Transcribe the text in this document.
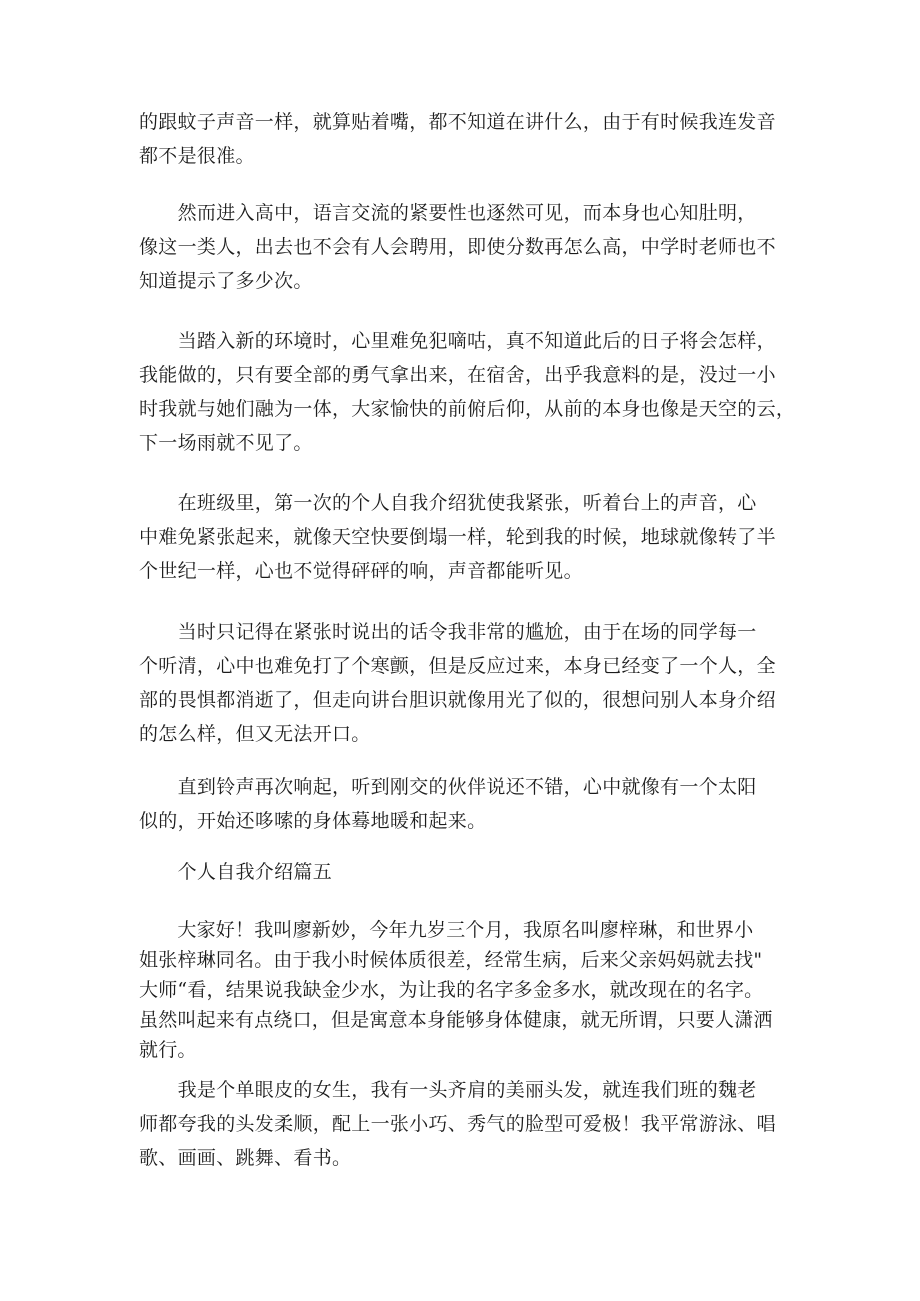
的跟蚊子声音一样，就算贴着嘴，都不知道在讲什么，由于有时候我连发音
都不是很准。

　　然而进入高中，语言交流的紧要性也逐然可见，而本身也心知肚明，
像这一类人，出去也不会有人会聘用，即使分数再怎么高，中学时老师也不
知道提示了多少次。

　　当踏入新的环境时，心里难免犯嘀咕，真不知道此后的日子将会怎样，
我能做的，只有要全部的勇气拿出来，在宿舍，出乎我意料的是，没过一小
时我就与她们融为一体，大家愉快的前俯后仰，从前的本身也像是天空的云，
下一场雨就不见了。

　　在班级里，第一次的个人自我介绍犹使我紧张，听着台上的声音，心
中难免紧张起来，就像天空快要倒塌一样，轮到我的时候，地球就像转了半
个世纪一样，心也不觉得砰砰的响，声音都能听见。

　　当时只记得在紧张时说出的话令我非常的尴尬，由于在场的同学每一
个听清，心中也难免打了个寒颤，但是反应过来，本身已经变了一个人，全
部的畏惧都消逝了，但走向讲台胆识就像用光了似的，很想问别人本身介绍
的怎么样，但又无法开口。

　　直到铃声再次响起，听到刚交的伙伴说还不错，心中就像有一个太阳
似的，开始还哆嗦的身体蓦地暖和起来。

　　个人自我介绍篇五

　　大家好！我叫廖新妙，今年九岁三个月，我原名叫廖梓琳，和世界小
姐张梓琳同名。由于我小时候体质很差，经常生病，后来父亲妈妈就去找"
大师“看，结果说我缺金少水，为让我的名字多金多水，就改现在的名字。
虽然叫起来有点绕口，但是寓意本身能够身体健康，就无所谓，只要人潇洒
就行。

　　我是个单眼皮的女生，我有一头齐肩的美丽头发，就连我们班的魏老
师都夸我的头发柔顺，配上一张小巧、秀气的脸型可爱极！我平常游泳、唱
歌、画画、跳舞、看书。
